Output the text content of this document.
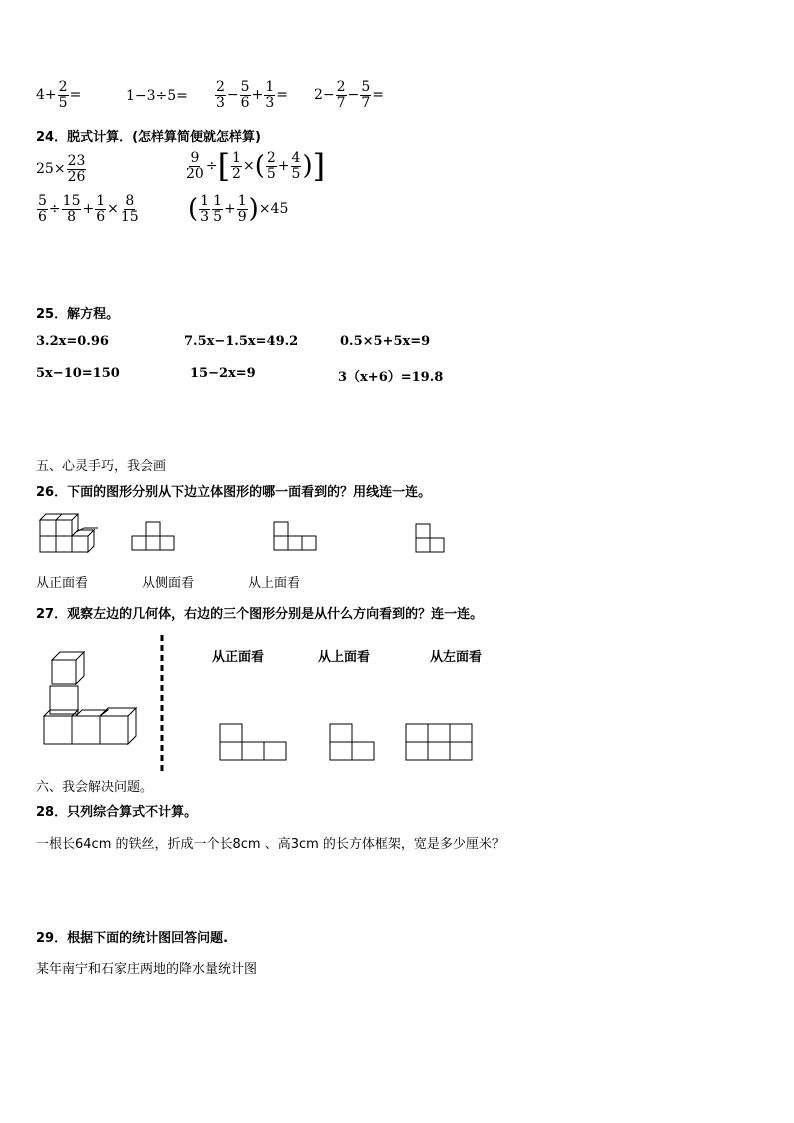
$4 + \frac{2}{5}$ =	$1-3\div 5= \frac{2}{3} - \frac{5}{6} + \frac{1}{3} = 2 - \frac{2}{7} - \frac{5}{7}$ =
24．脱式计算．(怎样算简便就怎样算)
$25 \times \frac{23}{26}$	$\frac{9}{20}$ ÷ [ $\frac{1}{2}$ × ( $\frac{2}{5} + \frac{4}{5}$ ) ]
$\frac{5}{6} \div \frac{15}{8} + \frac{1}{6} \times \frac{8}{15}$ ( $\frac{1}{3} \frac{1}{5} + \frac{1}{9}$ ) ×45
25．解方程。
3.2x=0.96	7.5x−1.5x=49.2	0.5×5+5x=9
5x−10=150	15−2x=9	3（x+6）=19.8
五、心灵手巧，我会画
26．下面的图形分别从下边立体图形的哪一面看到的？用线连一连。
从正面看	从侧面看	从上面看
27．观察左边的几何体，右边的三个图形分别是从什么方向看到的？连一连。
从正面看	从上面看	从左面看
六、我会解决问题。
28．只列综合算式不计算。
一根长64cm 的铁丝，折成一个长8cm 、高3cm 的长方体框架，宽是多少厘米？
29．根据下面的统计图回答问题.
某年南宁和石家庄两地的降水量统计图
